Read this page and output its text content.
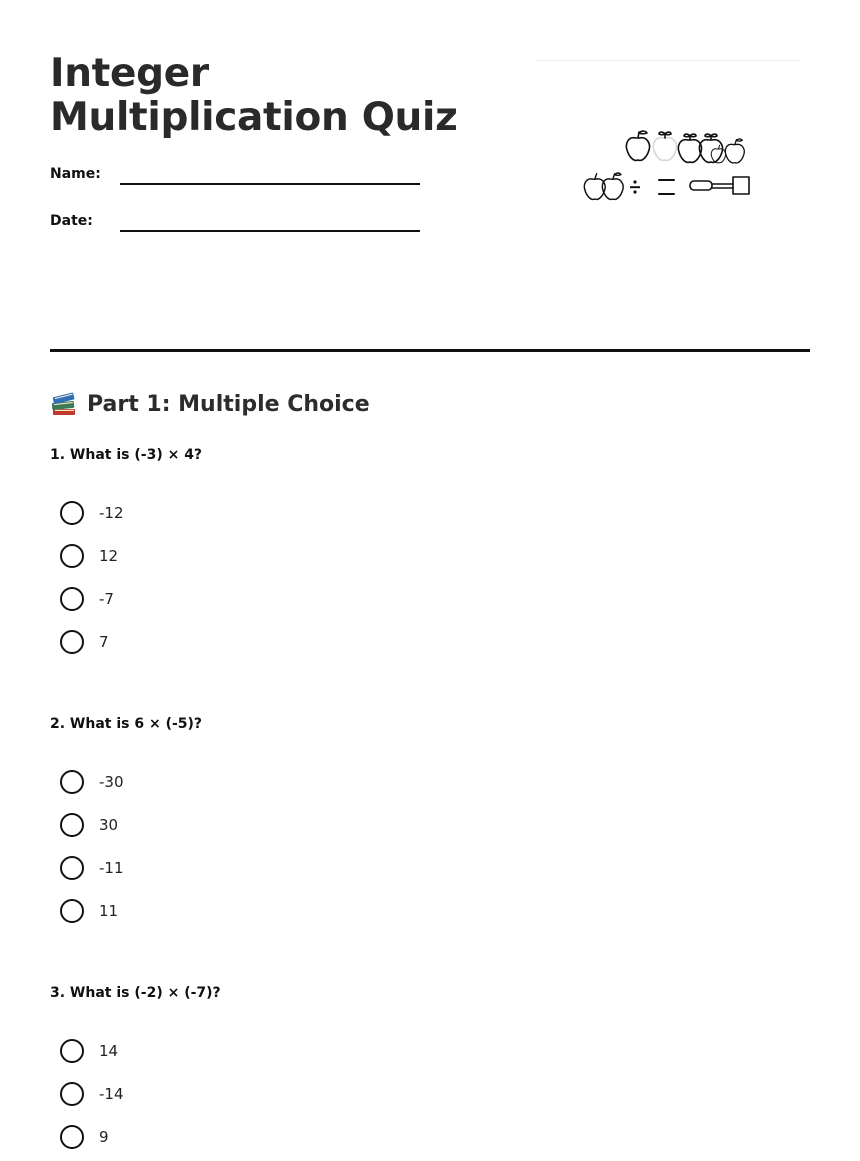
Integer Multiplication Quiz
Name:
Date:
Part 1: Multiple Choice
1. What is (-3) × 4?
-12
12
-7
7
2. What is 6 × (-5)?
-30
30
-11
11
3. What is (-2) × (-7)?
14
-14
9
